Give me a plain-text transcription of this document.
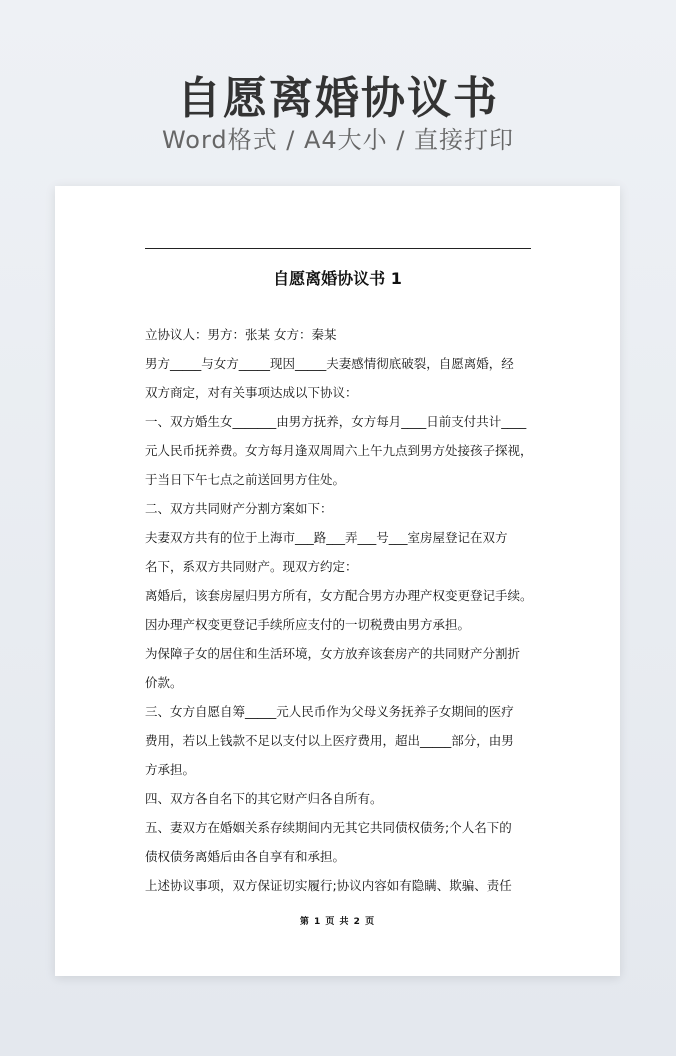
自愿离婚协议书

Word格式 / A4大小 / 直接打印

自愿离婚协议书 1
立协议人：男方：张某 女方：秦某
男方_____与女方_____现因_____夫妻感情彻底破裂，自愿离婚，经
双方商定，对有关事项达成以下协议：
一、双方婚生女_______由男方抚养，女方每月____日前支付共计____
元人民币抚养费。女方每月逢双周周六上午九点到男方处接孩子探视，
于当日下午七点之前送回男方住处。
二、双方共同财产分割方案如下：
夫妻双方共有的位于上海市___路___弄___号___室房屋登记在双方
名下，系双方共同财产。现双方约定：
离婚后，该套房屋归男方所有，女方配合男方办理产权变更登记手续。
因办理产权变更登记手续所应支付的一切税费由男方承担。
为保障子女的居住和生活环境，女方放弃该套房产的共同财产分割折
价款。
三、女方自愿自筹_____元人民币作为父母义务抚养子女期间的医疗
费用，若以上钱款不足以支付以上医疗费用，超出_____部分，由男
方承担。
四、双方各自名下的其它财产归各自所有。
五、妻双方在婚姻关系存续期间内无其它共同债权债务;个人名下的
债权债务离婚后由各自享有和承担。
上述协议事项，双方保证切实履行;协议内容如有隐瞒、欺骗、责任
第 1 页 共 2 页
